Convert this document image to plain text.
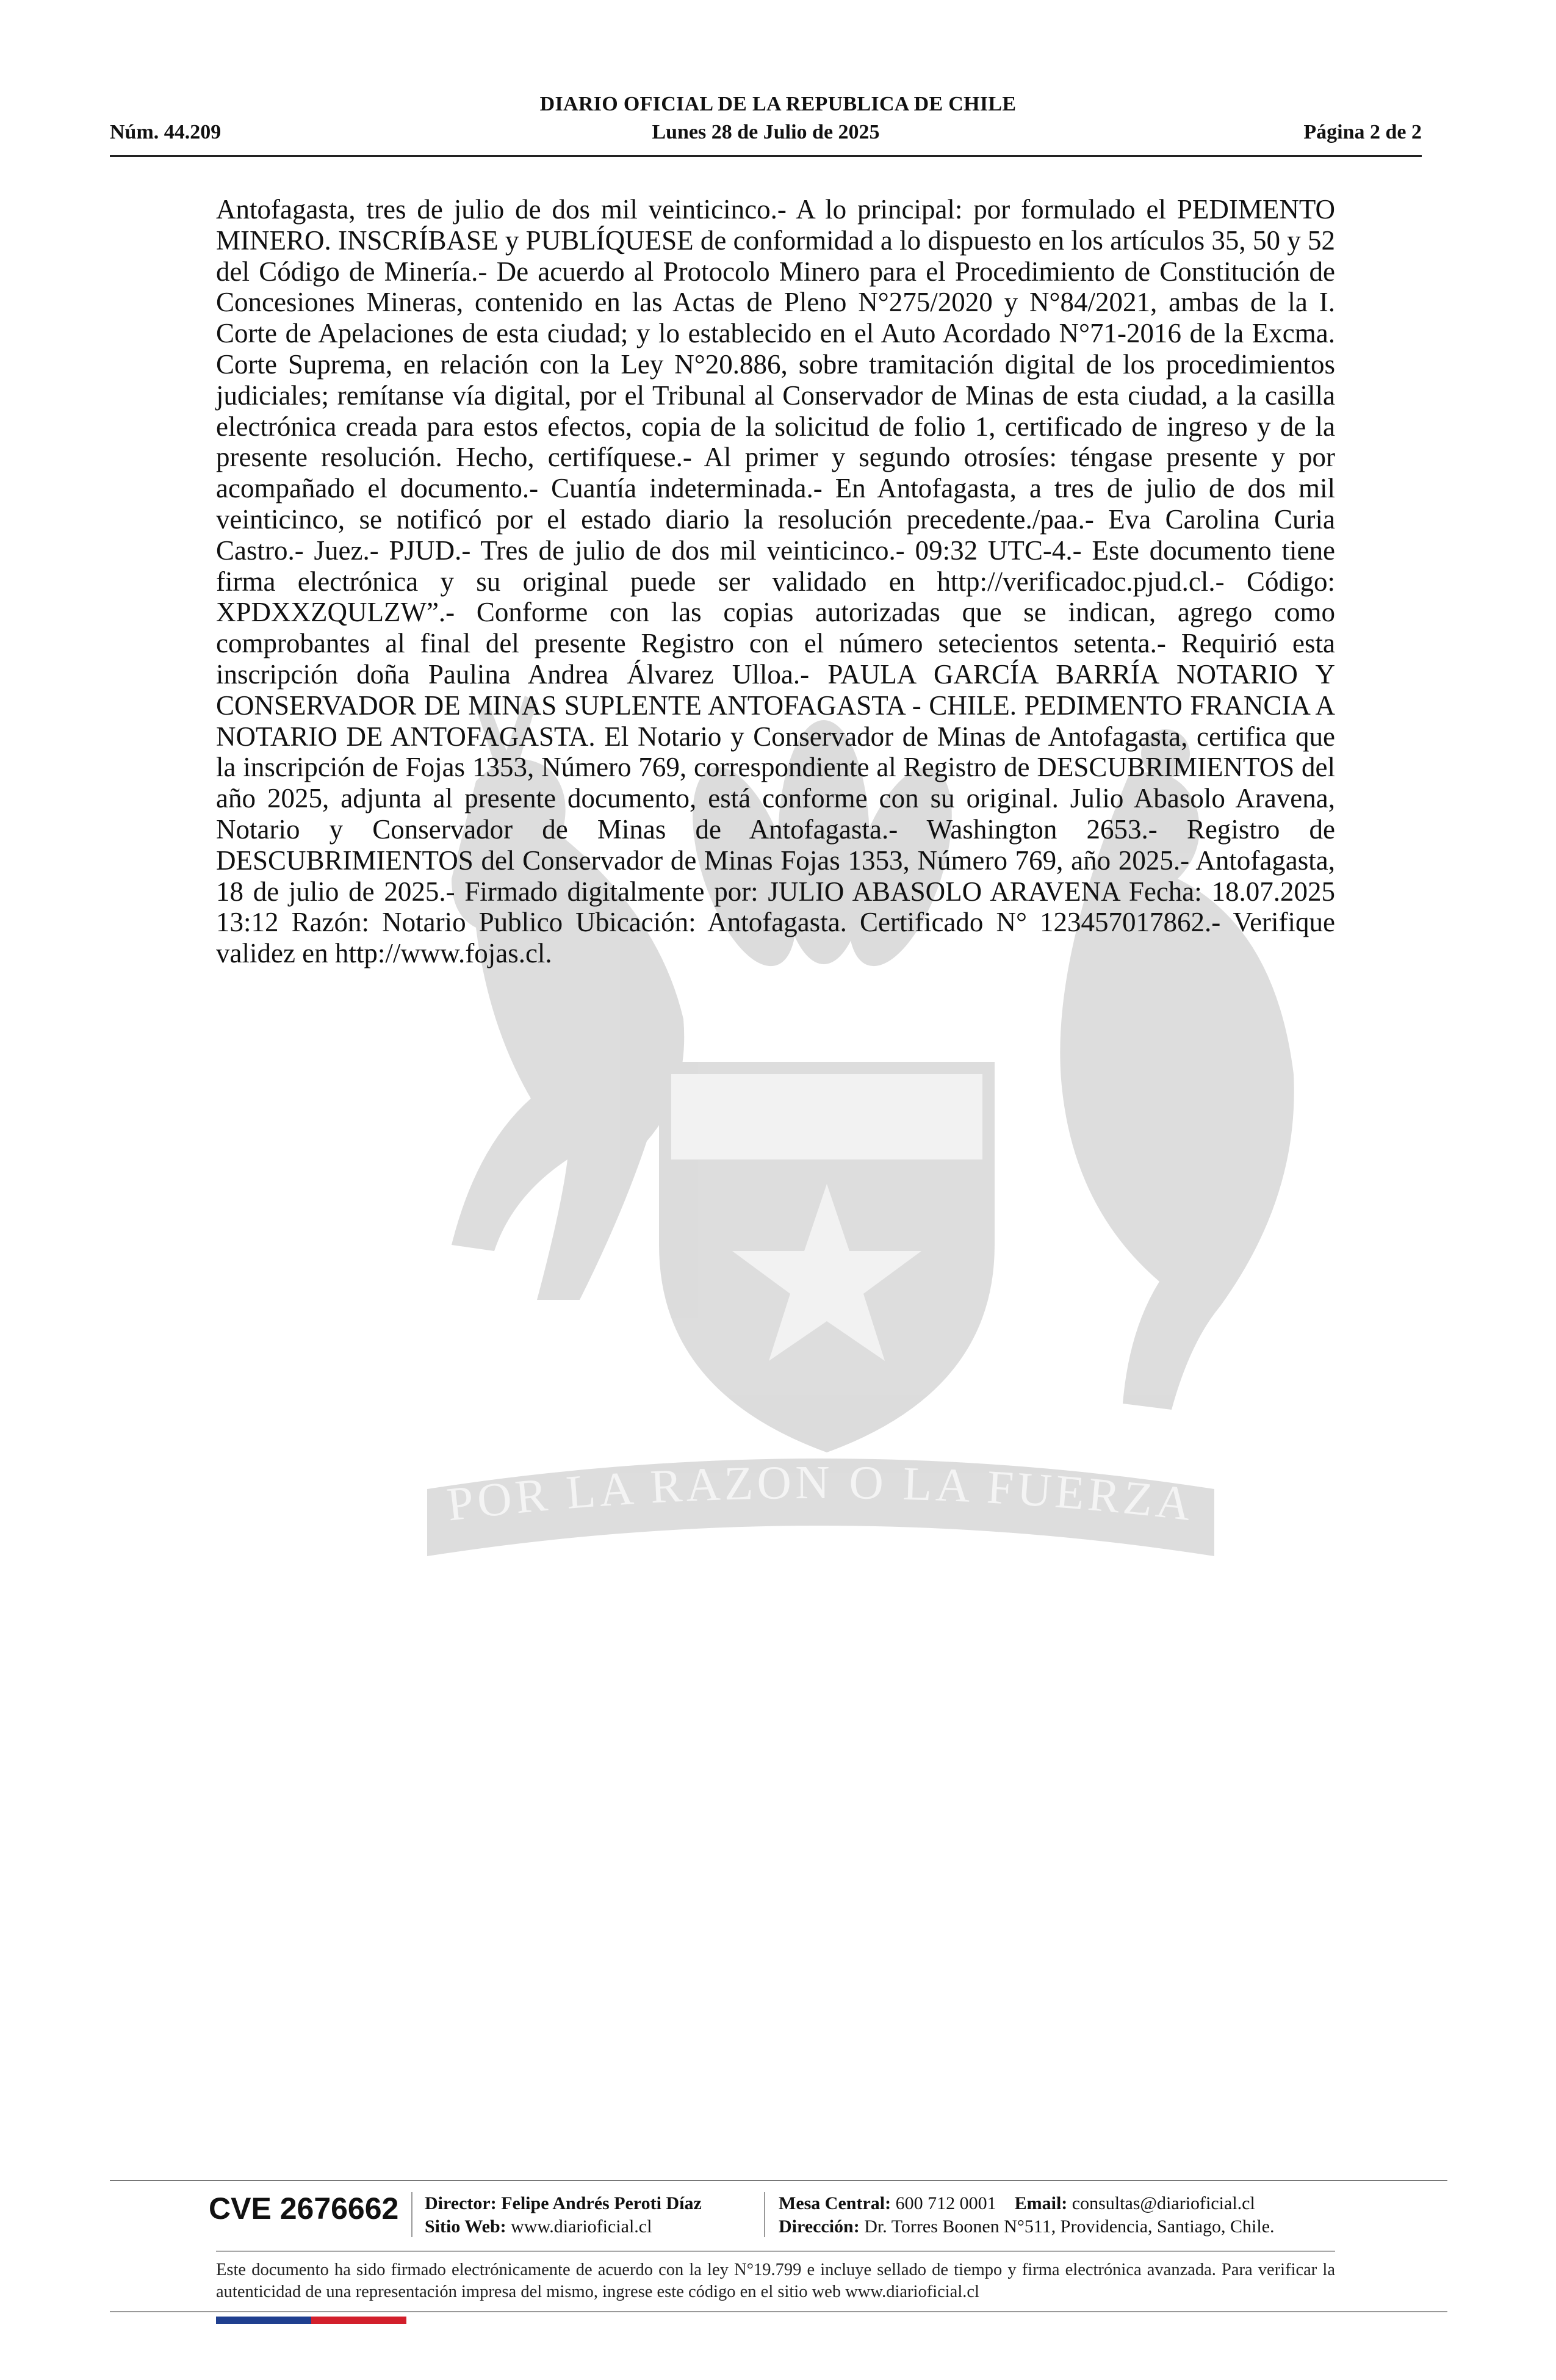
DIARIO OFICIAL DE LA REPUBLICA DE CHILE
Núm. 44.209	Lunes 28 de Julio de 2025	Página 2 de 2
POR LA RAZON O LA FUERZA

Antofagasta, tres de julio de dos mil veinticinco.- A lo principal: por formulado el PEDIMENTO MINERO. INSCRÍBASE y PUBLÍQUESE de conformidad a lo dispuesto en los artículos 35, 50 y 52 del Código de Minería.- De acuerdo al Protocolo Minero para el Procedimiento de Constitución de Concesiones Mineras, contenido en las Actas de Pleno N°275/2020 y N°84/2021, ambas de la I. Corte de Apelaciones de esta ciudad; y lo establecido en el Auto Acordado N°71-2016 de la Excma. Corte Suprema, en relación con la Ley N°20.886, sobre tramitación digital de los procedimientos judiciales; remítanse vía digital, por el Tribunal al Conservador de Minas de esta ciudad, a la casilla electrónica creada para estos efectos, copia de la solicitud de folio 1, certificado de ingreso y de la presente resolución. Hecho, certifíquese.- Al primer y segundo otrosíes: téngase presente y por acompañado el documento.- Cuantía indeterminada.- En Antofagasta, a tres de julio de dos mil veinticinco, se notificó por el estado diario la resolución precedente./paa.- Eva Carolina Curia Castro.- Juez.- PJUD.- Tres de julio de dos mil veinticinco.- 09:32 UTC-4.- Este documento tiene firma electrónica y su original puede ser validado en http://verificadoc.pjud.cl.- Código: XPDXXZQULZW”.- Conforme con las copias autorizadas que se indican, agrego como comprobantes al final del presente Registro con el número setecientos setenta.- Requirió esta inscripción doña Paulina Andrea Álvarez Ulloa.- PAULA GARCÍA BARRÍA NOTARIO Y CONSERVADOR DE MINAS SUPLENTE ANTOFAGASTA - CHILE. PEDIMENTO FRANCIA A NOTARIO DE ANTOFAGASTA. El Notario y Conservador de Minas de Antofagasta, certifica que la inscripción de Fojas 1353, Número 769, correspondiente al Registro de DESCUBRIMIENTOS del año 2025, adjunta al presente documento, está conforme con su original. Julio Abasolo Aravena, Notario y Conservador de Minas de Antofagasta.- Washington 2653.- Registro de DESCUBRIMIENTOS del Conservador de Minas Fojas 1353, Número 769, año 2025.- Antofagasta, 18 de julio de 2025.- Firmado digitalmente por: JULIO ABASOLO ARAVENA Fecha: 18.07.2025 13:12 Razón: Notario Publico Ubicación: Antofagasta. Certificado N° 123457017862.- Verifique validez en http://www.fojas.cl.

CVE 2676662 Director: Felipe Andrés Peroti Díaz
Sitio Web: www.diarioficial.cl
Mesa Central: 600 712 0001 Email: consultas@diarioficial.cl
Dirección: Dr. Torres Boonen N°511, Providencia, Santiago, Chile.

Este documento ha sido firmado electrónicamente de acuerdo con la ley N°19.799 e incluye sellado de tiempo y firma electrónica avanzada. Para verificar la autenticidad de una representación impresa del mismo, ingrese este código en el sitio web www.diarioficial.cl
